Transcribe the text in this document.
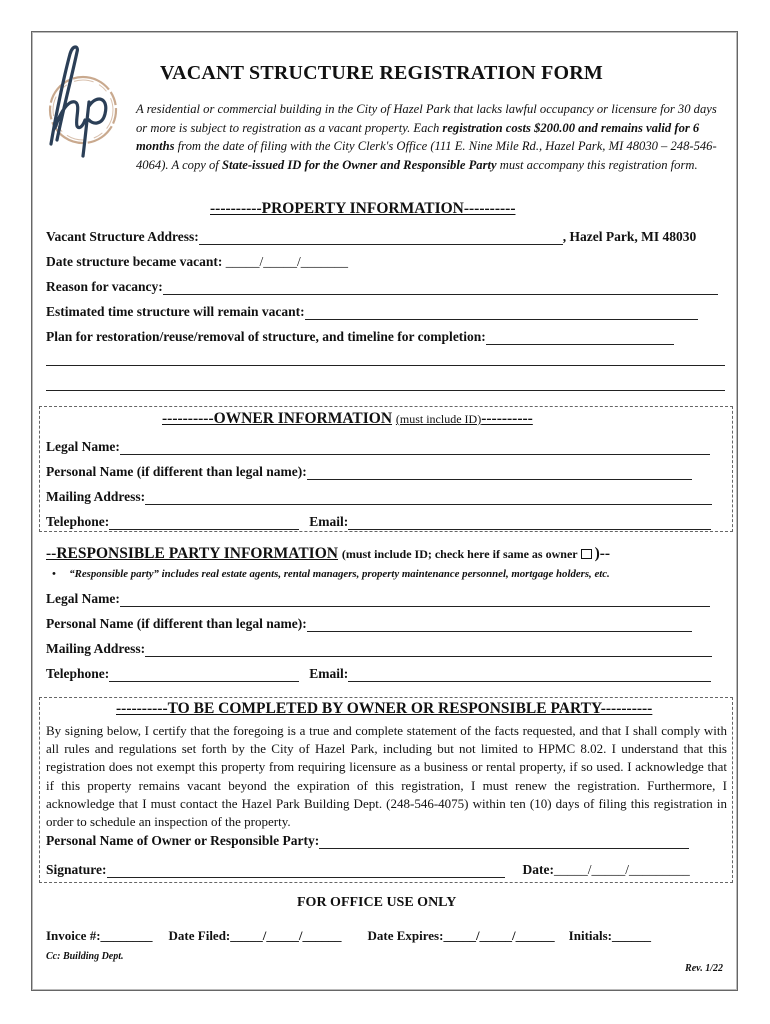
VACANT STRUCTURE REGISTRATION FORM
A residential or commercial building in the City of Hazel Park that lacks lawful occupancy or licensure for 30 days or more is subject to registration as a vacant property. Each registration costs $200.00 and remains valid for 6 months from the date of filing with the City Clerk's Office (111 E. Nine Mile Rd., Hazel Park, MI 48030 – 248-546-4064). A copy of State-issued ID for the Owner and Responsible Party must accompany this registration form.
----------PROPERTY INFORMATION----------
Vacant Structure Address:	, Hazel Park, MI 48030
Date structure became vacant:
_____/_____/_______
Reason for vacancy:
Estimated time structure will remain vacant:
Plan for restoration/reuse/removal of structure, and timeline for completion:
----------OWNER INFORMATION (must include ID)----------
Legal Name:
Personal Name (if different than legal name):
Mailing Address:
Telephone:	Email:
--RESPONSIBLE PARTY INFORMATION (must include ID; check here if same as owner )--
•     “Responsible party” includes real estate agents, rental managers, property maintenance personnel, mortgage holders, etc.
Legal Name:
Personal Name (if different than legal name):
Mailing Address:
Telephone:	Email:
----------TO BE COMPLETED BY OWNER OR RESPONSIBLE PARTY----------
By signing below, I certify that the foregoing is a true and complete statement of the facts requested, and that I shall comply with all rules and regulations set forth by the City of Hazel Park, including but not limited to HPMC 8.02. I understand that this registration does not exempt this property from requiring licensure as a business or rental property, if so used. I acknowledge that if this property remains vacant beyond the expiration of this registration, I must renew the registration. Furthermore, I acknowledge that I must contact the Hazel Park Building Dept. (248-546-4075) within ten (10) days of filing this registration in order to schedule an inspection of the property.
Personal Name of Owner or Responsible Party:
Signature:	Date: _____/_____/_________
FOR OFFICE USE ONLY
Invoice #:________ Date Filed:_____/_____/______ Date Expires:_____/_____/______ Initials:______
Cc: Building Dept.
Rev. 1/22
